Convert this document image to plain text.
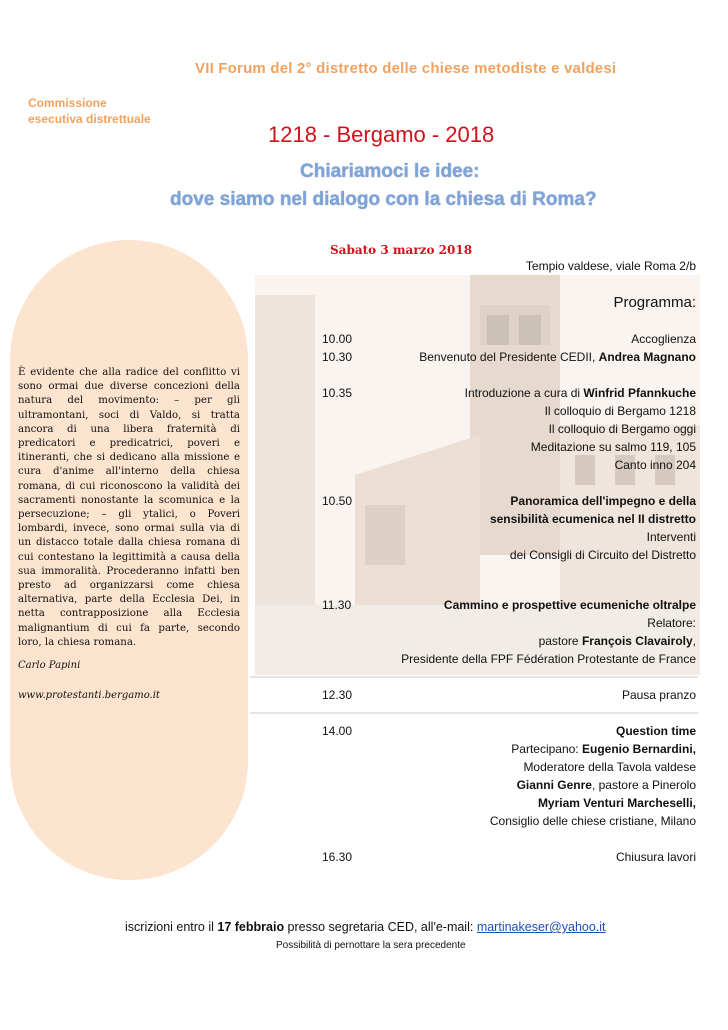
VII Forum del 2° distretto delle chiese metodiste e valdesi
Commissione
esecutiva distrettuale
1218 - Bergamo - 2018
Chiariamoci le idee:
dove siamo nel dialogo con la chiesa di Roma?
Sabato 3 marzo 2018
Tempio valdese, viale Roma 2/b
Programma:
È evidente che alla radice del conflitto vi sono ormai due diverse concezioni della natura del movimento: – per gli ultramontani, soci di Valdo, si tratta ancora di una libera fraternità di predicatori e predicatrici, poveri e itineranti, che si dedicano alla missione e cura d'anime all'interno della chiesa romana, di cui riconoscono la validità dei sacramenti nonostante la scomunica e la persecuzione; – gli ytalici, o Poveri lombardi, invece, sono ormai sulla via di un distacco totale dalla chiesa romana di cui contestano la legittimità a causa della sua immoralità. Procederanno infatti ben presto ad organizzarsi come chiesa alternativa, parte della Ecclesia Dei, in netta contrapposizione alla Ecclesia malignantium di cui fa parte, secondo loro, la chiesa romana.
Carlo Papini
www.protestanti.bergamo.it
10.00	Accoglienza
10.30	Benvenuto del Presidente CEDII, Andrea Magnano
10.35	Introduzione a cura di Winfrid Pfannkuche
Il colloquio di Bergamo 1218
Il colloquio di Bergamo oggi
Meditazione su salmo 119, 105
Canto inno 204
10.50	Panoramica dell'impegno e della
sensibilità ecumenica nel II distretto
Interventi
dei Consigli di Circuito del Distretto
11.30	Cammino e prospettive ecumeniche oltralpe
Relatore:
pastore François Clavairoly,
Presidente della FPF Fédération Protestante de France
12.30	Pausa pranzo
14.00	Question time
Partecipano: Eugenio Bernardini,
Moderatore della Tavola valdese
Gianni Genre, pastore a Pinerolo
Myriam Venturi Marcheselli,
Consiglio delle chiese cristiane, Milano
16.30	Chiusura lavori
iscrizioni entro il 17 febbraio presso segretaria CED, all'e-mail: martinakeser@yahoo.it
Possibilità di pernottare la sera precedente
